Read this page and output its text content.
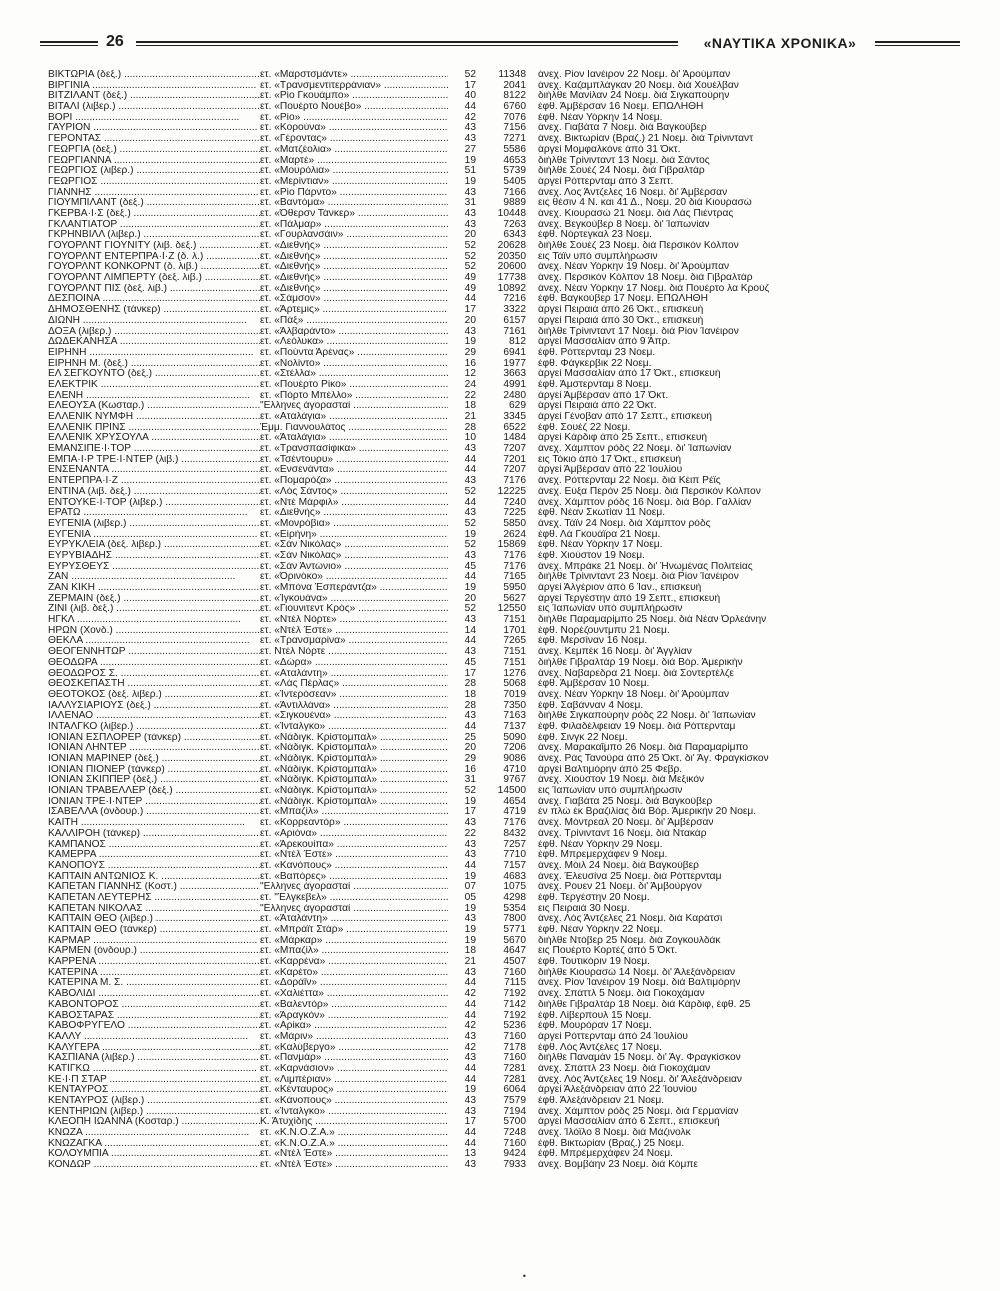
26	«ΝΑΥΤΙΚΑ ΧΡΟΝΙΚΑ»
ΒΙΚΤΩΡΙΑ (δεξ.) .....	ετ. «Μαρστσμάντε» .....	52	11348	άνεχ. Ρίον Ιανέιρον 22 Νοεμ. δι' Άρούμπαν
ΒΙΡΓΙΝΙΑ .....	ετ. «Τρανσμεντιτερράνιαν» .....	17	2041	άνεχ. Καζαμπλάγκαν 20 Νοεμ. διά Χουέλβαν
ΒΙΤΖΙΛΑΝΤ (δεξ.) .....	ετ. «Ρίο Γκουάμπο» .....	40	8122	διήλθε Μανίλαν 24 Νοεμ. διά Σιγκαπούρην
ΒΙΤΑΛΙ (λιβερ.) .....	ετ. «Πουέρτο Νουέβο» .....	44	6760	έφθ. Άμβέρσαν 16 Νοεμ. ΕΠΩΛΗΘΗ
ΒΟΡΙ .....	ετ. «Ρίο» .....	42	7076	έφθ. Νέαν Υόρκην 14 Νοεμ.
ΓΑΥΡΙΟΝ .....	ετ. «Κορούνα» .....	43	7156	άνεχ. Γιαβάτα 7 Νοεμ. διά Βαγκούβερ
ΓΕΡΟΝΤΑΣ .....	ετ. «Γέροντας» .....	43	7271	άνεχ. Βικτωρίαν (Βραζ.) 21 Νοεμ. διά Τρίνινταντ
ΓΕΩΡΓΙΑ (δεξ.) .....	ετ. «Ματζέολια» .....	27	5586	άργεί Μομφαλκόνε άπό 31 Όκτ.
ΓΕΩΡΓΙΑΝΝΑ .....	ετ. «Μαρτέ» .....	19	4653	διήλθε Τρίνινταντ 13 Νοεμ. διά Σάντος
ΓΕΩΡΓΙΟΣ (λιβερ.) .....	ετ. «Μουρόλια» .....	51	5739	διήλθε Σουέζ 24 Νοεμ. διά Γιβραλτάρ
ΓΕΩΡΓΙΟΣ .....	ετ. «Μερίντιαν» .....	19	5405	άργεί Ρόττερνταμ άπό 3 Σεπτ.
ΓΙΑΝΝΗΣ .....	ετ. «Ρίο Πάρντο» .....	43	7166	άνεχ. Λος Άντζελες 16 Νοεμ. δι' Άμβέρσαν
ΓΙΟΥΜΠΙΛΑΝΤ (δεξ.) .....	ετ. «Βαντόμα» .....	31	9889	εις θέσιν 4 Ν. και 41 Δ., Νοεμ. 20 διά Κιουρασώ
ΓΚΕΡΒΑ·Ι·Σ (δεξ.) .....	ετ. «Όθερσν Τάνκερ» .....	43	10448	άνεχ. Κιουρασώ 21 Νοεμ. διά Λάς Πιέντρας
ΓΚΛΑΝΤΙΑΤΟΡ .....	ετ. «Πάλμαρ» .....	43	7263	άνεχ. Βεγκούβερ 8 Νοεμ. δι' Ίαπωνίαν
ΓΚΡΗΝΒΙΛΛ (λιβερ.) .....	ετ. «Γουρλανσάιν» .....	20	6343	έφθ. Νόρτεγκαλ 23 Νοεμ.
ΓΟΥΟΡΛΝΤ ΓΙΟΥΝΙΤΥ (λιβ. δεξ.) .....	ετ. «Διεθνής» .....	52	20628	διήλθε Σουέζ 23 Νοεμ. διά Περσικόν Κόλπον
ΓΟΥΟΡΛΝΤ ΕΝΤΕΡΠΡΑ·Ι·Ζ (δ. λ.) .....	ετ. «Διεθνής» .....	52	20350	εις Τάϊν υπό συμπλήρωσιν
ΓΟΥΟΡΛΝΤ ΚΟΝΚΟΡΝΤ (δ. λιβ.) .....	ετ. «Διεθνής» .....	52	20600	άνεχ. Νέαν Υόρκην 19 Νοεμ. δι' Άρούμπαν
ΓΟΥΟΡΛΝΤ ΛΙΜΠΕΡΤΥ (δεξ. λιβ.) .....	ετ. «Διεθνής» .....	49	17738	άνεχ. Περσικόν Κόλπον 18 Νοεμ. διά Γιβραλτάρ
ΓΟΥΟΡΛΝΤ ΠΙΣ (δεξ. λιβ.) .....	ετ. «Διεθνής» .....	49	10892	άνεχ. Νέαν Υόρκην 17 Νοεμ. διά Πουέρτο λα Κρούζ
ΔΕΣΠΟΙΝΑ .....	ετ. «Σάμσον» .....	44	7216	έφθ. Βαγκούβερ 17 Νοεμ. ΕΠΩΛΗΘΗ
ΔΗΜΟΣΘΕΝΗΣ (τάνκερ) .....	ετ. «Άρτεμις» .....	17	3322	άργεί Πειραιά άπό 26 Όκτ., επισκευή
ΔΙΩΝΗ .....	ετ. «Πάξ» .....	20	6157	άργεί Πειραιά άπό 30 Όκτ., επισκευή
ΔΟΞΑ (λιβερ.) .....	ετ. «Άλβαράντο» .....	43	7161	διήλθε Τρίνινταντ 17 Νοεμ. διά Ρίον Ίανέιρον
ΔΩΔΕΚΑΝΗΣΑ .....	ετ. «Λεόλυκα» .....	19	812	άργεί Μασσαλίαν άπό 9 Άπρ.
ΕΙΡΗΝΗ .....	ετ. «Πούντα Άρένας» .....	29	6941	έφθ. Ρόττερνταμ 23 Νοεμ.
ΕΙΡΗΝΗ Μ. (δεξ.) .....	ετ. «Νολίντο» .....	16	1977	έφθ. Φάγκερβικ 22 Νοεμ.
ΕΛ ΣΕΓΚΟΥΝΤΟ (δεξ.) .....	ετ. «Στέλλα» .....	12	3663	άργεί Μασσαλίαν άπό 17 Όκτ., επισκευή
ΕΛΕΚΤΡΙΚ .....	ετ. «Πουέρτο Ρίκο» .....	24	4991	έφθ. Άμστερνταμ 8 Νοεμ.
ΕΛΕΝΗ .....	ετ. «Πόρτο Μπέλλο» .....	22	2480	άργεί Άμβέρσαν άπό 17 Όκτ.
ΕΛΕΟΥΣΑ (Κωσταρ.) .....	"Ελληνες άγορασταί .....	18	629	άργεί Πειραιά άπό 22 Όκτ.
ΕΛΛΕΝΙΚ ΝΥΜΦΗ .....	ετ. «Αταλάγια» .....	21	3345	άργεί Γένοβαν άπό 17 Σεπτ., επισκευή
ΕΛΛΕΝΙΚ ΠΡΙΝΣ .....	Έμμ. Γιαννουλάτος .....	28	6522	έφθ. Σουέζ 22 Νοεμ.
ΕΛΛΕΝΙΚ ΧΡΥΣΟΥΛΑ .....	ετ. «Άταλάγια» .....	10	1484	άργεί Κάρδιφ άπό 25 Σεπτ., επισκευή
ΕΜΑΝΣΙΠΕ·Ι·ΤΟΡ .....	ετ. «Τρανσπασίφικα» .....	43	7207	άνεχ. Χάμπτον ρόδς 22 Νοεμ. δι' Ίαπωνίαν
ΕΜΠΑ·Ι·Ρ ΤΡΕ·Ι·ΝΤΕΡ (λιβ.) .....	ετ. «Τσέντουρυ» .....	44	7201	εις Τόκιο άπό 17 Όκτ., επισκευή
ΕΝΣΕΝΑΝΤΑ .....	ετ. «Ενσενάντα» .....	44	7207	άργεί Άμβέρσαν άπό 22 Ίουλίου
ΕΝΤΕΡΠΡΑ·Ι·Ζ .....	ετ. «Πομαρόζα» .....	43	7176	άνεχ. Ρόττερνταμ 22 Νοεμ. διά Κέιπ Ρέϊς
ΕΝΤΙΝΑ (λιβ. δεξ.) .....	ετ. «Λός Σάντος» .....	52	12225	άνεχ. Εύξα Περόν 25 Νοεμ. διά Περσικόν Κόλπον
ΕΝΤΟΥΚΕ·Ι·ΤΟΡ (λιβερ.) .....	ετ. «Ντέ Μάρφιλ» .....	44	7240	άνεχ. Χάμπτον ρόδς 16 Νοεμ. διά Βόρ. Γαλλίαν
ΕΡΑΤΩ .....	ετ. «Διεθνής» .....	43	7225	έφθ. Νέαν Σκωτίαν 11 Νοεμ.
ΕΥΓΕΝΙΑ (λιβερ.) .....	ετ. «Μονρόβια» .....	52	5850	άνεχ. Τάϊν 24 Νοεμ. διά Χάμπτον ρόδς
ΕΥΓΕΝΙΑ .....	ετ. «Είρήνη» .....	19	2624	έφθ. Λά Γκουάϊρα 21 Νοεμ.
ΕΥΡΥΚΛΕΙΑ (δεξ. λιβερ.) .....	ετ. «Σάν Νικόλας» .....	52	15869	έφθ. Νέαν Υόρκην 17 Νοεμ.
ΕΥΡΥΒΙΑΔΗΣ .....	ετ. «Σάν Νικόλας» .....	43	7176	έφθ. Χιούστον 19 Νοεμ.
ΕΥΡΥΣΘΕΥΣ .....	ετ. «Σάν Άντώνιο» .....	45	7176	άνεχ. Μπράκε 21 Νοεμ. δι' Ήνωμένας Πολιτείας
ΖΑΝ .....	ετ. «Όρινόκο» .....	44	7165	διήλθε Τρίνινταντ 23 Νοεμ. διά Ρίον Ίανέιρον
ΖΑΝ ΚΙΚΗ .....	ετ. «Μπόνα Έσπεράντζα» .....	19	5950	άργεί Άλγέριον άπό 6 Ίαν., επισκευή
ΖΕΡΜΑΙΝ (δεξ.) .....	ετ. «Ίγκουάνα» .....	20	5627	άργεί Τεργέστην άπό 19 Σεπτ., επισκευή
ΖΙΝΙ (λιβ. δεξ.) .....	ετ. «Γιουνιτεντ Κρός» .....	52	12550	εις Ίαπωνίαν υπό συμπλήρωσιν
ΗΓΚΛ .....	ετ. «Ντέλ Νόρτε» .....	43	7151	διήλθε Παραμαρίμπο 25 Νοεμ. διά Νέαν Όρλεάνην
ΗΡΩΝ (Χονδ.) .....	ετ. «Ντέλ Έστε» .....	14	1701	έφθ. Νορέζουντμπυ 21 Νοεμ.
ΘΕΚΛΑ .....	ετ. «Τρανσμαρίνα» .....	44	7265	έφθ. Μερσίναν 16 Νοεμ.
ΘΕΟΓΕΝΝΗΤΩΡ .....	ετ. Ντέλ Νόρτε .....	43	7151	άνεχ. Κεμπέκ 16 Νοεμ. δι' Άγγλίαν
ΘΕΟΔΩΡΑ .....	ετ. «Δώρα» .....	45	7151	διήλθε Γιβραλτάρ 19 Νοεμ. διά Βόρ. Άμερικήν
ΘΕΟΔΩΡΟΣ Σ. .....	ετ. «Αταλάντη» .....	17	1276	άνεχ. Ναβαρεδρα 21 Νοεμ. διά Σοντερτέλζε
ΘΕΟΣΚΕΠΑΣΤΗ .....	ετ. «Λάς Πέρλας» .....	28	5068	έφθ. Άμβέρσαν 10 Νοεμ.
ΘΕΟΤΟΚΟΣ (δεξ. λιβερ.) .....	ετ. «Ίντερόσεαν» .....	18	7019	άνεχ. Νέαν Υόρκην 18 Νοεμ. δι' Άρούμπαν
ΙΑΛΛΥΣΙΑΡΙΟΥΣ (δεξ.) .....	ετ. «Άντιλλάνα» .....	28	7350	έφθ. Σαβάνναν 4 Νοεμ.
ΙΛΛΕΝΑΟ .....	ετ. «Σιγκουένα» .....	43	7163	διήλθε Σιγκαπούρην ρόδς 22 Νοεμ. δι' Ίαπωνίαν
ΙΝΤΑΛΓΚΟ (λιβερ.) .....	ετ. «Ίνταλγκο» .....	44	7137	έφθ. Φιλαδέλφειαν 19 Νοεμ. διά Ρόττερνταμ
ΙΟΝΙΑΝ ΕΣΠΛΟΡΕΡ (τάνκερ) .....	ετ. «Νάδιγκ. Κρίστομπαλ» .....	25	5090	έφθ. Σινγκ 22 Νοεμ.
ΙΟΝΙΑΝ ΛΗΝΤΕΡ .....	ετ. «Νάδιγκ. Κρίστομπαλ» .....	20	7206	άνεχ. Μαρακαΐμπο 26 Νοεμ. διά Παραμαρίμπο
ΙΟΝΙΑΝ ΜΑΡΙΝΕΡ (δεξ.) .....	ετ. «Νάδιγκ. Κρίστομπαλ» .....	29	9086	άνεχ. Ράς Τανούρα άπό 25 Όκτ. δι' Άγ. Φραγκίσκον
ΙΟΝΙΑΝ ΠΙΟΝΕΡ (τάνκερ) .....	ετ. «Νάδιγκ. Κρίστομπαλ» .....	16	4710	άργεί Βαλτιμόρην άπό 25 Φεβρ.
ΙΟΝΙΑΝ ΣΚΙΠΠΕΡ (δεξ.) .....	ετ. «Νάδιγκ. Κρίστομπαλ» .....	31	9767	άνεχ. Χιούστον 19 Νοεμ. διά Μεξικόν
ΙΟΝΙΑΝ ΤΡΑΒΕΛΛΕΡ (δεξ.) .....	ετ. «Νάδιγκ. Κρίστομπαλ» .....	52	14500	εις Ίαπωνίαν υπό συμπλήρωσιν
ΙΟΝΙΑΝ ΤΡΕ·Ι·ΝΤΕΡ .....	ετ. «Νάδιγκ. Κρίστομπαλ» .....	19	4654	άνεχ. Γιαβάτα 25 Νοεμ. διά Βαγκούβερ
ΙΣΑΒΕΛΛΑ (όνδουρ.) .....	ετ. «Μπαζίλ» .....	17	4719	έν πλώ έκ Βραζιλίας διά Βόρ. Άμερικήν 20 Νοεμ.
ΚΑΙΤΗ .....	ετ. «Κορρεαντόρ» .....	43	7176	άνεχ. Μόντρεαλ 20 Νοεμ. δι' Άμβέρσαν
ΚΑΛΛΙΡΟΗ (τάνκερ) .....	ετ. «Αριόνα» .....	22	8432	άνεχ. Τρίνινταντ 16 Νοεμ. διά Ντακάρ
ΚΑΜΠΑΝΟΣ .....	ετ. «Άρεκουίπα» .....	43	7257	έφθ. Νέαν Υόρκην 29 Νοεμ.
ΚΑΜΕΡΡΑ .....	ετ. «Ντέλ Έστε» .....	43	7710	έφθ. Μπρεμερχάφεν 9 Νοεμ.
ΚΑΝΟΠΟΥΣ .....	ετ. «Κανόπους» .....	44	7157	άνεχ. Μόιλ 24 Νοεμ. διά Βαγκούβερ
ΚΑΠΤΑΙΝ ΑΝΤΩΝΙΟΣ Κ. .....	ετ. «Βαπόρες» .....	19	4683	άνεχ. Έλευσίνα 25 Νοεμ. διά Ρόττερνταμ
ΚΑΠΕΤΑΝ ΓΙΑΝΝΗΣ (Κοστ.) .....	"Ελληνες άγορασταί .....	07	1075	άνεχ. Ρουεν 21 Νοεμ. δι' Άμβούργον
ΚΑΠΕΤΑΝ ΛΕΥΤΕΡΗΣ .....	ετ. "Έλγκεβελ» .....	05	4298	έφθ. Τεργέστην 20 Νοεμ.
ΚΑΠΕΤΑΝ ΝΙΚΟΛΑΣ .....	"Ελληνες άγορασταί .....	19	5354	εις Πειραιά 30 Νοεμ.
ΚΑΠΤΑΙΝ ΘΕΟ (λιβερ.) .....	ετ. «Άταλάντη» .....	43	7800	άνεχ. Λός Άντζελες 21 Νοεμ. διά Καράτσι
ΚΑΠΤΑΙΝ ΘΕΟ (τάνκερ) .....	ετ. «Μπράϊτ Στάρ» .....	19	5771	έφθ. Νέαν Υόρκην 22 Νοεμ.
ΚΑΡΜΑΡ .....	ετ. «Μάρκαρ» .....	19	5670	διήλθε Ντόβερ 25 Νοεμ. διά Ζογκουλδάκ
ΚΑΡΜΕΝ (όνδουρ.) .....	ετ. «Μπαζίλ» .....	18	4647	εις Πουέρτο Κορτέζ άπό 5 Όκτ.
ΚΑΡΡΕΝΑ .....	ετ. «Καρρένα» .....	21	4507	έφθ. Τουτικόριν 19 Νοεμ.
ΚΑΤΕΡΙΝΑ .....	ετ. «Καρέτο» .....	43	7160	διήλθε Κιουρασώ 14 Νοεμ. δι' Άλεξάνδρειαν
ΚΑΤΕΡΙΝΑ Μ. Σ. .....	ετ. «Δοράϊν» .....	44	7115	άνεχ. Ρίον Ίανέιρον 19 Νοεμ. διά Βαλτιμόρην
ΚΑΒΟΛΙΔΙ .....	ετ. «Χαλιέττα» .....	42	7192	άνεχ. Σπάττλ 5 Νοεμ. διά Γιοκοχάμαν
ΚΑΒΟΝΤΟΡΟΣ .....	ετ. «Βαλεντόρ» .....	44	7142	διήλθε Γιβραλτάρ 18 Νοεμ. διά Κάρδιφ, έφθ. 25
ΚΑΒΟΣΤΑΡΑΣ .....	ετ. «Άραγκόν» .....	44	7192	έφθ. Λίβερπουλ 15 Νοεμ.
ΚΑΒΟΦΡΥΓΕΛΟ .....	ετ. «Αρίκα» .....	42	5236	έφθ. Μουρόραν 17 Νοεμ.
ΚΑΛΛΥ .....	ετ. «Μάριν» .....	43	7160	άργεί Ρόττερνταμ άπό 24 Ίουλίου
ΚΑΛΥΓΕΡΑ .....	ετ. «Καλύβεργο» .....	42	7178	έφθ. Λός Άντζελες 17 Νοεμ.
ΚΑΣΠΙΑΝΑ (λιβερ.) .....	ετ. «Πανμάρ» .....	43	7160	διήλθε Παναμάν 15 Νοεμ. δι' Άγ. Φραγκίσκον
ΚΑΤΙΓΚΩ .....	ετ. «Καρνάσιον» .....	44	7281	άνεχ. Σπάττλ 23 Νοεμ. διά Γιοκοχάμαν
ΚΕ·Ι·Π ΣΤΑΡ .....	ετ. «Λιμπέριαν» .....	44	7281	άνεχ. Λός Άντζελες 19 Νοεμ. δι' Άλεξάνδρειαν
ΚΕΝΤΑΥΡΟΣ .....	ετ. «Κένταυρος» .....	19	6064	άργεί Άλεξάνδρειαν άπό 22 Ίουνίου
ΚΕΝΤΑΥΡΟΣ (λιβερ.) .....	ετ. «Κάνοπους» .....	43	7579	έφθ. Άλεξάνδρειαν 21 Νοεμ.
ΚΕΝΤΗΡΙΩΝ (λιβερ.) .....	ετ. «Ίνταλγκο» .....	43	7194	άνεχ. Χάμπτον ρόδς 25 Νοεμ. διά Γερμανίαν
ΚΛΕΟΠΗ ΙΩΑΝΝΑ (Κοσταρ.) .....	Κ. Άτυχίδης .....	17	5700	άργεί Μασσαλίαν άπό 6 Σεπτ., επισκευή
ΚΝΩΖΑ .....	ετ. «Κ.Ν.Ο.Ζ.Α.» .....	44	7248	άνεχ. Ίλόϊλο 8 Νοεμ. διά Μάζινολκ
ΚΝΩΖΑΓΚΑ .....	ετ. «Κ.Ν.Ο.Ζ.Α.» .....	44	7160	έφθ. Βικτωρίαν (Βραζ.) 25 Νοεμ.
ΚΟΛΟΥΜΠΙΑ .....	ετ. «Ντέλ Έστε» .....	13	9424	έφθ. Μπρέμερχάφεν 24 Νοεμ.
ΚΟΝΔΩΡ .....	ετ. «Ντέλ Έστε» .....	43	7933	άνεχ. Βομβάην 23 Νοεμ. διά Κόμπε
•
